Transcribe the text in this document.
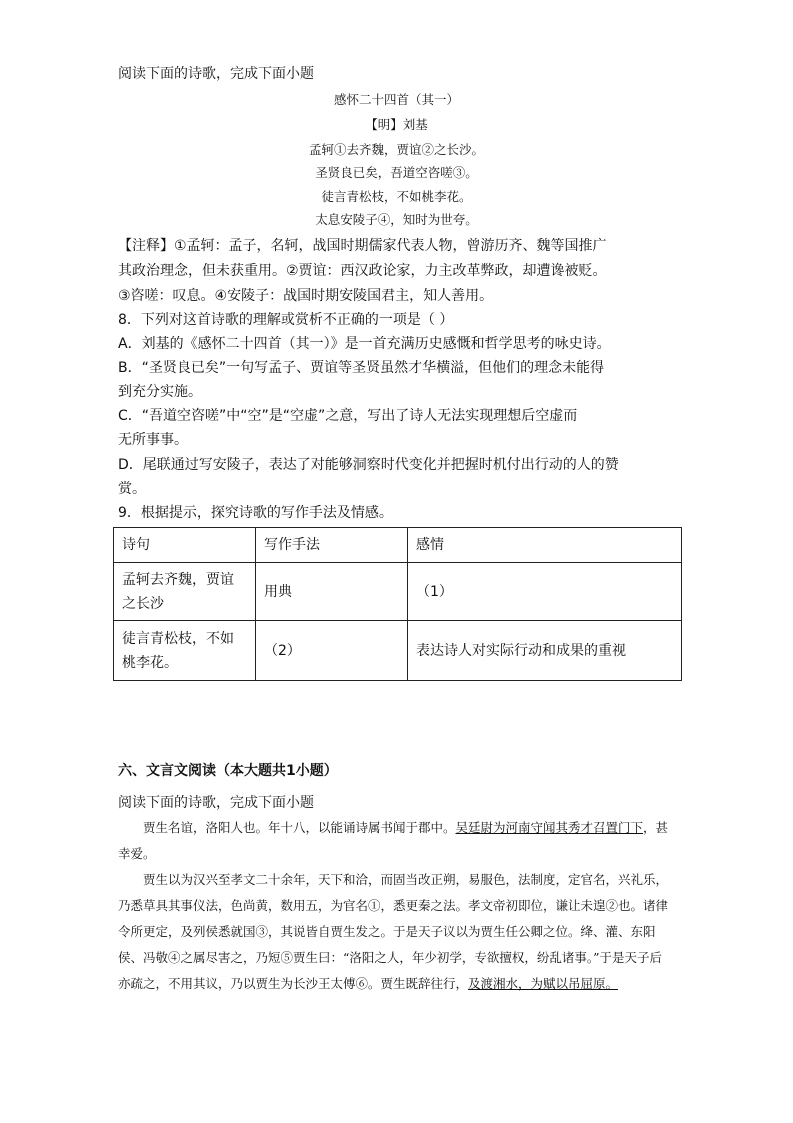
阅读下面的诗歌，完成下面小题
感怀二十四首（其一）
【明】刘基
孟轲①去齐魏，贾谊②之长沙。
圣贤良已矣，吾道空咨嗟③。
徒言青松枝，不如桃李花。
太息安陵子④，知时为世夸。
【注释】①孟轲：孟子，名轲，战国时期儒家代表人物，曾游历齐、魏等国推广
其政治理念，但未获重用。②贾谊：西汉政论家，力主改革弊政，却遭谗被贬。
③咨嗟：叹息。④安陵子：战国时期安陵国君主，知人善用。
8．下列对这首诗歌的理解或赏析不正确的一项是（ ）
A．刘基的《感怀二十四首（其一）》是一首充满历史感慨和哲学思考的咏史诗。
B．“圣贤良已矣”一句写孟子、贾谊等圣贤虽然才华横溢，但他们的理念未能得
到充分实施。
C．“吾道空咨嗟”中“空”是“空虚”之意，写出了诗人无法实现理想后空虚而
无所事事。
D．尾联通过写安陵子，表达了对能够洞察时代变化并把握时机付出行动的人的赞
赏。
9．根据提示，探究诗歌的写作手法及情感。
诗句	写作手法	感情
孟轲去齐魏，贾谊之长沙	用典	（1）
徒言青松枝，不如桃李花。	（2）	表达诗人对实际行动和成果的重视
六、文言文阅读（本大题共1小题）
阅读下面的诗歌，完成下面小题
贾生名谊，洛阳人也。年十八，以能诵诗属书闻于郡中。吴廷尉为河南守闻其秀才召置门下，甚幸爱。
贾生以为汉兴至孝文二十余年，天下和洽，而固当改正朔，易服色，法制度，定官名，兴礼乐，乃悉草具其事仪法，色尚黄，数用五，为官名①，悉更秦之法。孝文帝初即位，谦让未遑②也。诸律令所更定，及列侯悉就国③，其说皆自贾生发之。于是天子议以为贾生任公卿之位。绛、灌、东阳侯、冯敬④之属尽害之，乃短⑤贾生曰：“洛阳之人，年少初学，专欲擅权，纷乱诸事。”于是天子后亦疏之，不用其议，乃以贾生为长沙王太傅⑥。贾生既辞往行，及渡湘水，为赋以吊屈原。
